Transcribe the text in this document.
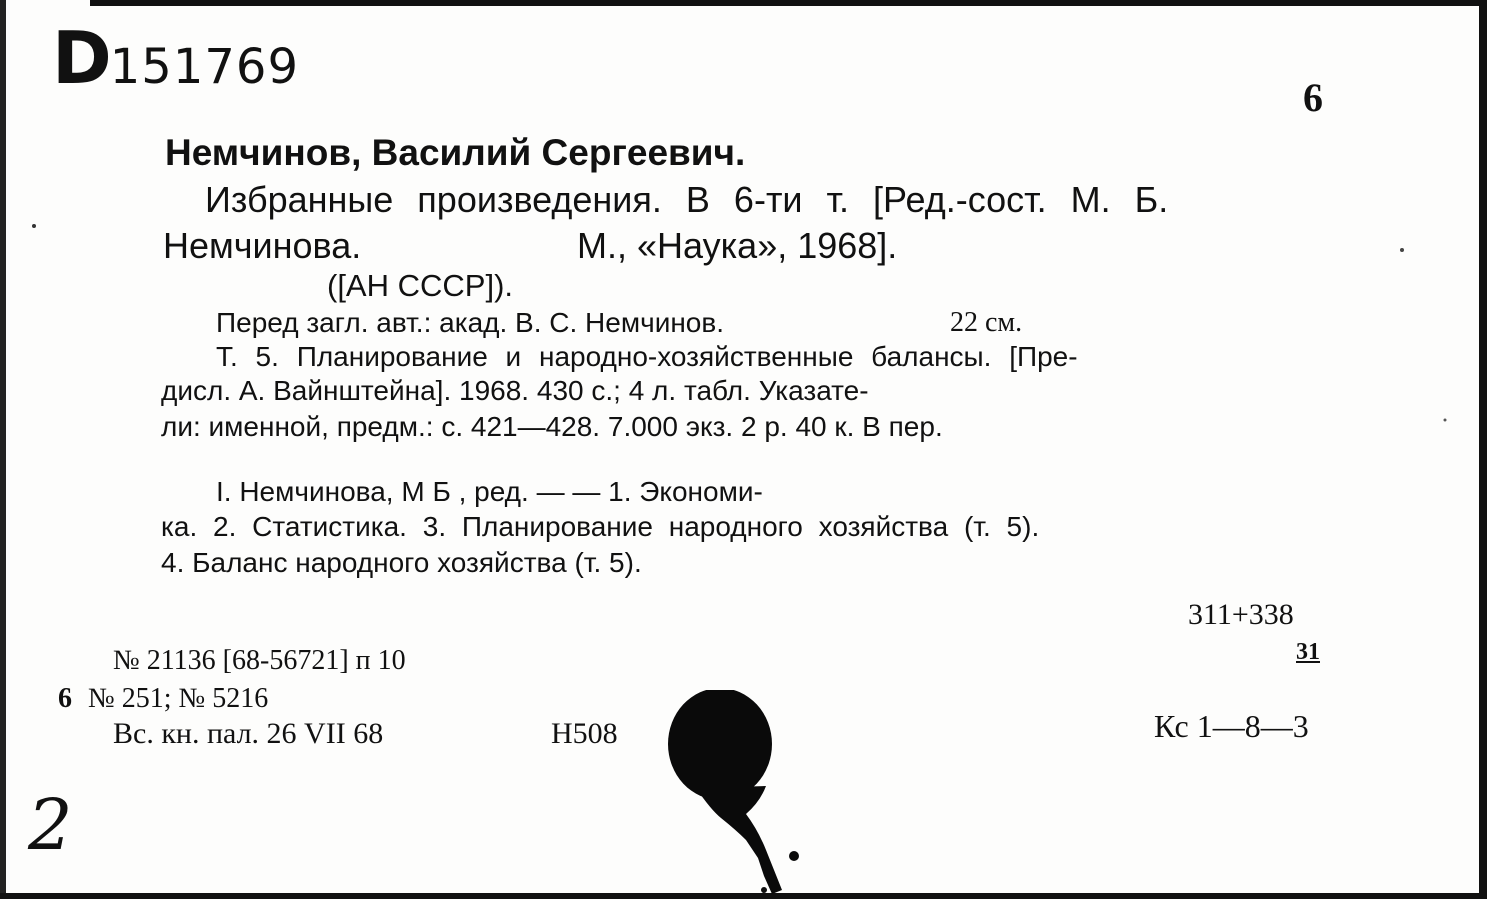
D151769
6
Немчинов, Василий Сергеевич.
Избранные произведения. В 6-ти т. [Ред.-сост. М. Б.
Немчинова.	М., «Наука», 1968].
([АН СССР]).
Перед загл. авт.: акад. В. С. Немчинов.	22 см.
Т. 5. Планирование и народно-хозяйственные балансы. [Пре-
дисл. А. Вайнштейна]. 1968. 430 с.; 4 л. табл. Указате-
ли: именной, предм.: с. 421—428. 7.000 экз. 2 р. 40 к. В пер.
I. Немчинова, М Б , ред. — — 1. Экономи-
ка. 2. Статистика. 3. Планирование народного хозяйства (т. 5).
4. Баланс народного хозяйства (т. 5).
311+338
31
Кс 1—8—3
№ 21136 [68-56721] п 10
6 № 251; № 5216
Вс. кн. пал. 26 VII 68	Н508
2
